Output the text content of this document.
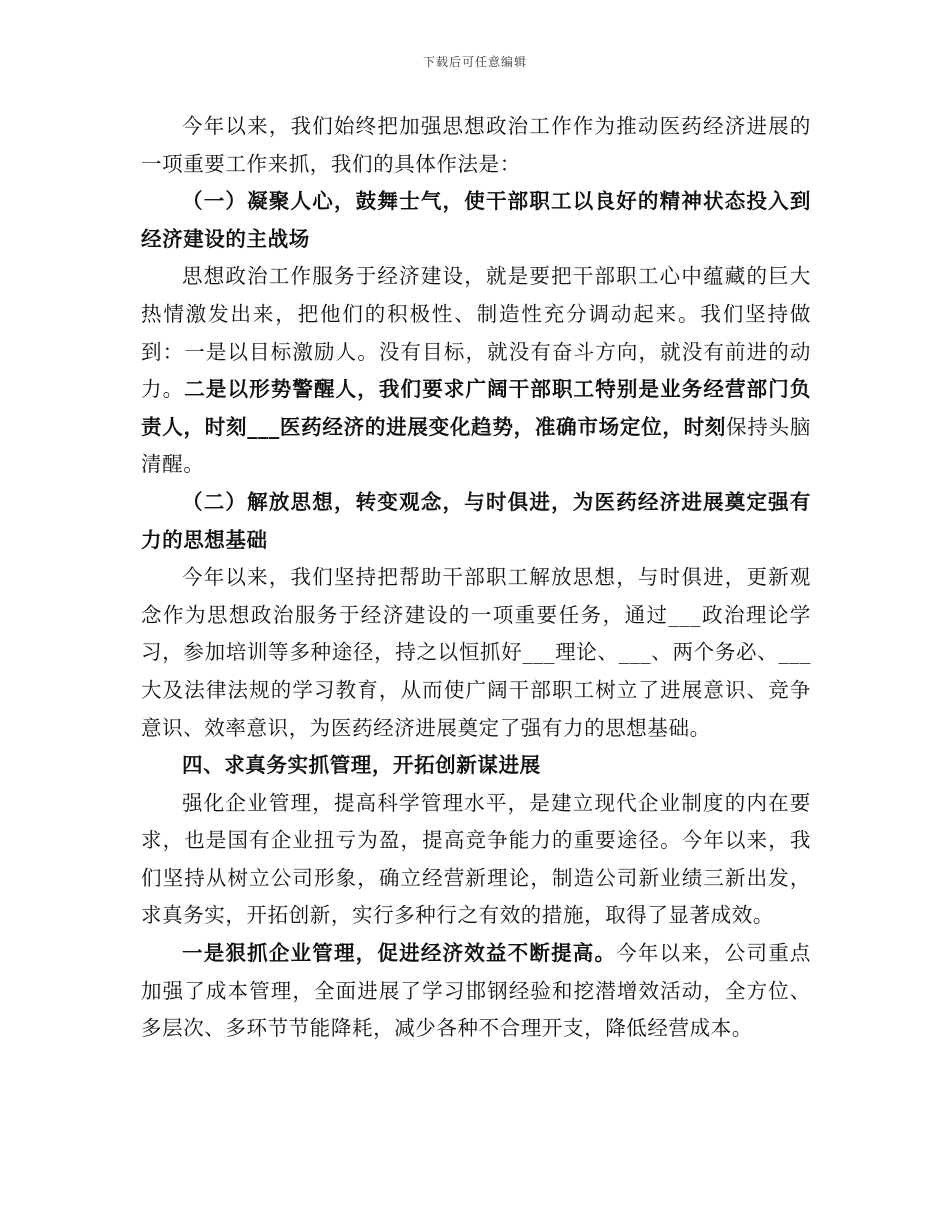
下载后可任意编辑

今年以来，我们始终把加强思想政治工作作为推动医药经济进展的一项重要工作来抓，我们的具体作法是：

（一）凝聚人心，鼓舞士气，使干部职工以良好的精神状态投入到经济建设的主战场

思想政治工作服务于经济建设，就是要把干部职工心中蕴藏的巨大热情激发出来，把他们的积极性、制造性充分调动起来。我们坚持做到：一是以目标激励人。没有目标，就没有奋斗方向，就没有前进的动力。二是以形势警醒人，我们要求广阔干部职工特别是业务经营部门负责人，时刻___医药经济的进展变化趋势，准确市场定位，时刻保持头脑清醒。

（二）解放思想，转变观念，与时俱进，为医药经济进展奠定强有力的思想基础

今年以来，我们坚持把帮助干部职工解放思想，与时俱进，更新观念作为思想政治服务于经济建设的一项重要任务，通过___政治理论学习，参加培训等多种途径，持之以恒抓好___理论、___、两个务必、___大及法律法规的学习教育，从而使广阔干部职工树立了进展意识、竞争意识、效率意识，为医药经济进展奠定了强有力的思想基础。

四、求真务实抓管理，开拓创新谋进展

强化企业管理，提高科学管理水平，是建立现代企业制度的内在要求，也是国有企业扭亏为盈，提高竞争能力的重要途径。今年以来，我们坚持从树立公司形象，确立经营新理论，制造公司新业绩三新出发，求真务实，开拓创新，实行多种行之有效的措施，取得了显著成效。

一是狠抓企业管理，促进经济效益不断提高。今年以来，公司重点加强了成本管理，全面进展了学习邯钢经验和挖潜增效活动，全方位、多层次、多环节节能降耗，减少各种不合理开支，降低经营成本。
